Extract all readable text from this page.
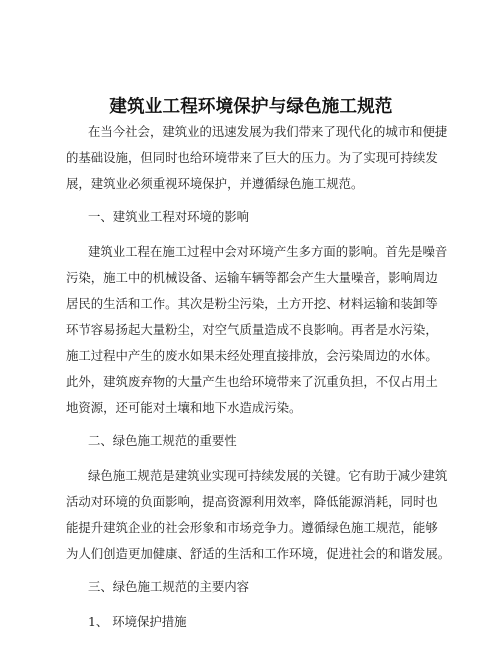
建筑业工程环境保护与绿色施工规范
在当今社会，建筑业的迅速发展为我们带来了现代化的城市和便捷
的基础设施，但同时也给环境带来了巨大的压力。为了实现可持续发
展，建筑业必须重视环境保护，并遵循绿色施工规范。
一、建筑业工程对环境的影响
建筑业工程在施工过程中会对环境产生多方面的影响。首先是噪音
污染，施工中的机械设备、运输车辆等都会产生大量噪音，影响周边
居民的生活和工作。其次是粉尘污染，土方开挖、材料运输和装卸等
环节容易扬起大量粉尘，对空气质量造成不良影响。再者是水污染，
施工过程中产生的废水如果未经处理直接排放，会污染周边的水体。
此外，建筑废弃物的大量产生也给环境带来了沉重负担，不仅占用土
地资源，还可能对土壤和地下水造成污染。
二、绿色施工规范的重要性
绿色施工规范是建筑业实现可持续发展的关键。它有助于减少建筑
活动对环境的负面影响，提高资源利用效率，降低能源消耗，同时也
能提升建筑企业的社会形象和市场竞争力。遵循绿色施工规范，能够
为人们创造更加健康、舒适的生活和工作环境，促进社会的和谐发展。
三、绿色施工规范的主要内容
1、 环境保护措施
